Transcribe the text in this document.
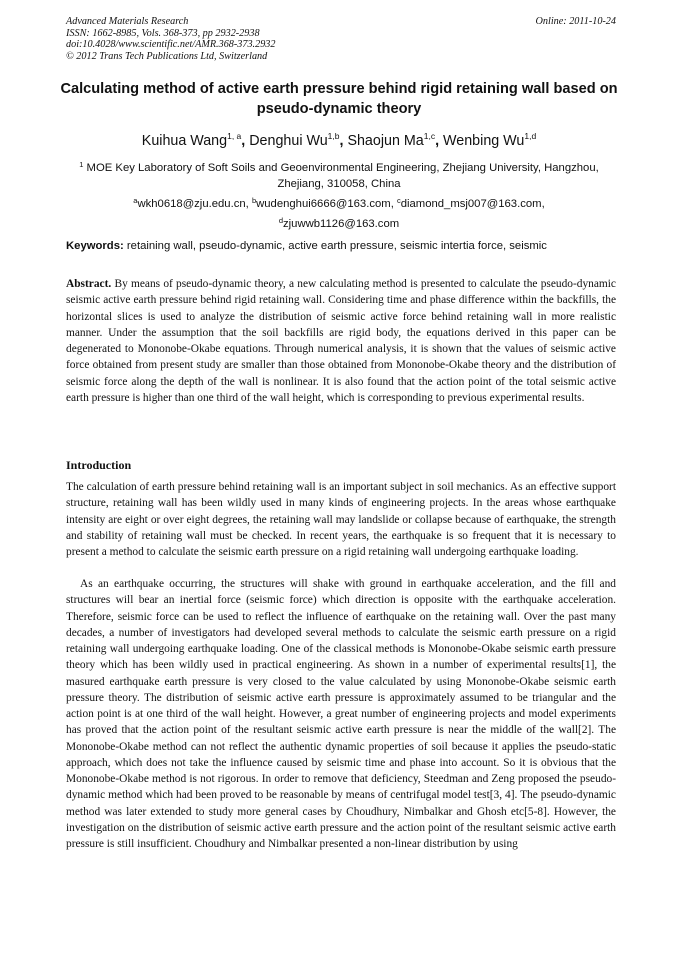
Advanced Materials Research
ISSN: 1662-8985, Vols. 368-373, pp 2932-2938
doi:10.4028/www.scientific.net/AMR.368-373.2932
© 2012 Trans Tech Publications Ltd, Switzerland
Online: 2011-10-24
Calculating method of active earth pressure behind rigid retaining wall based on pseudo-dynamic theory
Kuihua Wang$^{1, a}$, Denghui Wu$^{1,b}$, Shaojun Ma$^{1,c}$, Wenbing Wu$^{1,d}$
$^1$ MOE Key Laboratory of Soft Soils and Geoenvironmental Engineering, Zhejiang University, Hangzhou, Zhejiang, 310058, China
$^a$wkh0618@zju.edu.cn, $^b$wudenghui6666@163.com, $^c$diamond_msj007@163.com,
$^d$zjuwwb1126@163.com
Keywords: retaining wall, pseudo-dynamic, active earth pressure, seismic intertia force, seismic
Abstract. By means of pseudo-dynamic theory, a new calculating method is presented to calculate the pseudo-dynamic seismic active earth pressure behind rigid retaining wall. Considering time and phase difference within the backfills, the horizontal slices is used to analyze the distribution of seismic active force behind retaining wall in more realistic manner. Under the assumption that the soil backfills are rigid body, the equations derived in this paper can be degenerated to Mononobe-Okabe equations. Through numerical analysis, it is shown that the values of seismic active force obtained from present study are smaller than those obtained from Mononobe-Okabe theory and the distribution of seismic force along the depth of the wall is nonlinear. It is also found that the action point of the total seismic active earth pressure is higher than one third of the wall height, which is corresponding to previous experimental results.
Introduction

The calculation of earth pressure behind retaining wall is an important subject in soil mechanics. As an effective support structure, retaining wall has been wildly used in many kinds of engineering projects. In the areas whose earthquake intensity are eight or over eight degrees, the retaining wall may landslide or collapse because of earthquake, the strength and stability of retaining wall must be checked. In recent years, the earthquake is so frequent that it is necessary to present a method to calculate the seismic earth pressure on a rigid retaining wall undergoing earthquake loading.

As an earthquake occurring, the structures will shake with ground in earthquake acceleration, and the fill and structures will bear an inertial force (seismic force) which direction is opposite with the earthquake acceleration. Therefore, seismic force can be used to reflect the influence of earthquake on the retaining wall. Over the past many decades, a number of investigators had developed several methods to calculate the seismic earth pressure on a rigid retaining wall undergoing earthquake loading. One of the classical methods is Mononobe-Okabe seismic earth pressure theory which has been wildly used in practical engineering. As shown in a number of experimental results[1], the masured earthquake earth pressure is very closed to the value calculated by using Mononobe-Okabe seismic earth pressure theory. The distribution of seismic active earth pressure is approximately assumed to be triangular and the action point is at one third of the wall height. However, a great number of engineering projects and model experiments has proved that the action point of the resultant seismic active earth pressure is near the middle of the wall[2]. The Mononobe-Okabe method can not reflect the authentic dynamic properties of soil because it applies the pseudo-static approach, which does not take the influence caused by seismic time and phase into account. So it is obvious that the Mononobe-Okabe method is not rigorous. In order to remove that deficiency, Steedman and Zeng proposed the pseudo-dynamic method which had been proved to be reasonable by means of centrifugal model test[3, 4]. The pseudo-dynamic method was later extended to study more general cases by Choudhury, Nimbalkar and Ghosh etc[5-8]. However, the investigation on the distribution of seismic active earth pressure and the action point of the resultant seismic active earth pressure is still insufficient. Choudhury and Nimbalkar presented a non-linear distribution by using
